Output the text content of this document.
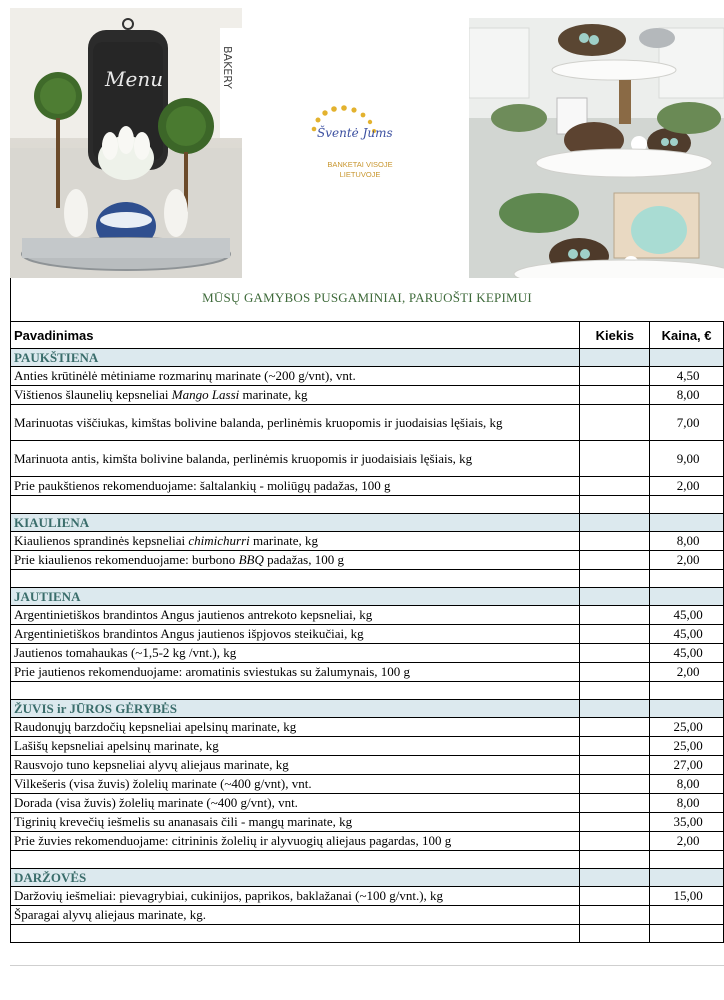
BAKERY
Menu
Šventė Jums
BANKETAI VISOJE LIETUVOJE
MŪSŲ GAMYBOS PUSGAMINIAI, PARUOŠTI KEPIMUI
Pavadinimas	Kiekis	Kaina, €
PAUKŠTIENA		
Anties krūtinėlė mėtiniame rozmarinų marinate (~200 g/vnt), vnt.		4,50
Vištienos šlaunelių kepsneliai Mango Lassi marinate, kg		8,00
Marinuotas viščiukas, kimštas bolivine balanda, perlinėmis kruopomis ir juodaisias lęšiais, kg		7,00
Marinuota antis, kimšta bolivine balanda, perlinėmis kruopomis ir juodaisiais lęšiais, kg		9,00
Prie paukštienos rekomenduojame: šaltalankių - moliūgų padažas, 100 g		2,00

KIAULIENA		
Kiaulienos sprandinės kepsneliai chimichurri marinate, kg		8,00
Prie kiaulienos rekomenduojame: burbono BBQ padažas, 100 g		2,00

JAUTIENA		
Argentinietiškos brandintos Angus jautienos antrekoto kepsneliai, kg		45,00
Argentinietiškos brandintos Angus jautienos išpjovos steikučiai, kg		45,00
Jautienos tomahaukas (~1,5-2 kg /vnt.), kg		45,00
Prie jautienos rekomenduojame: aromatinis sviestukas su žalumynais, 100 g		2,00

ŽUVIS ir JŪROS GĖRYBĖS		
Raudonųjų barzdočių kepsneliai apelsinų marinate, kg		25,00
Lašišų kepsneliai apelsinų marinate, kg		25,00
Rausvojo tuno kepsneliai alyvų aliejaus marinate, kg		27,00
Vilkešeris (visa žuvis) žolelių marinate (~400 g/vnt), vnt.		8,00
Dorada (visa žuvis) žolelių marinate (~400 g/vnt), vnt.		8,00
Tigrinių krevečių iešmelis su ananasais čili - mangų marinate, kg		35,00
Prie žuvies rekomenduojame: citrininis žolelių ir alyvuogių aliejaus pagardas, 100 g		2,00

DARŽOVĖS		
Daržovių iešmeliai: pievagrybiai, cukinijos, paprikos, baklažanai (~100 g/vnt.), kg		15,00
Šparagai alyvų aliejaus marinate, kg.		
